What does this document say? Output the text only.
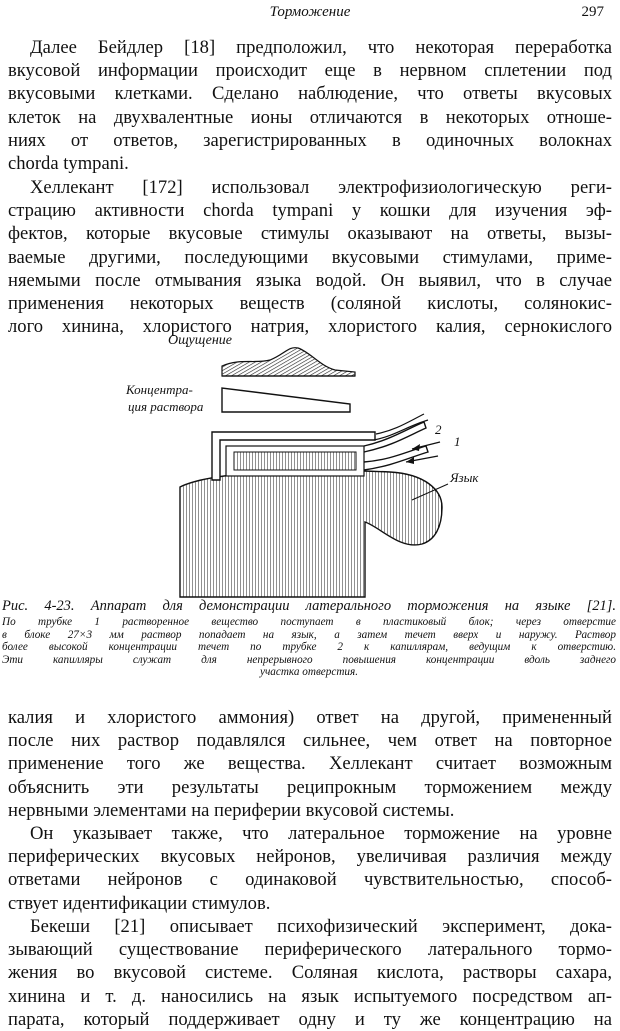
Торможение	297
Далее Бейдлер [18] предположил, что некоторая переработка
вкусовой информации происходит еще в нервном сплетении под
вкусовыми клетками. Сделано наблюдение, что ответы вкусовых
клеток на двухвалентные ионы отличаются в некоторых отноше-
ниях от ответов, зарегистрированных в одиночных волокнах
chorda tympani.
Хеллекант [172] использовал электрофизиологическую реги-
страцию активности chorda tympani у кошки для изучения эф-
фектов, которые вкусовые стимулы оказывают на ответы, вызы-
ваемые другими, последующими вкусовыми стимулами, приме-
няемыми после отмывания языка водой. Он выявил, что в случае
применения некоторых веществ (соляной кислоты, солянокис-
лого хинина, хлористого натрия, хлористого калия, сернокислого
Ощущение
Концентра-
ция раствора
Язык
2
1
Рис. 4-23. Аппарат для демонстрации латерального торможения на языке [21].
По трубке 1 растворенное вещество поступает в пластиковый блок; через отверстие
в блоке 27×3 мм раствор попадает на язык, а затем течет вверх и наружу. Раствор
более высокой концентрации течет по трубке 2 к капиллярам, ведущим к отверстию.
Эти капилляры служат для непрерывного повышения концентрации вдоль заднего
участка отверстия.
калия и хлористого аммония) ответ на другой, примененный
после них раствор подавлялся сильнее, чем ответ на повторное
применение того же вещества. Хеллекант считает возможным
объяснить эти результаты реципрокным торможением между
нервными элементами на периферии вкусовой системы.
Он указывает также, что латеральное торможение на уровне
периферических вкусовых нейронов, увеличивая различия между
ответами нейронов с одинаковой чувствительностью, способ-
ствует идентификации стимулов.
Бекеши [21] описывает психофизический эксперимент, дока-
зывающий существование периферического латерального тормо-
жения во вкусовой системе. Соляная кислота, растворы сахара,
хинина и т. д. наносились на язык испытуемого посредством ап-
парата, который поддерживает одну и ту же концентрацию на
